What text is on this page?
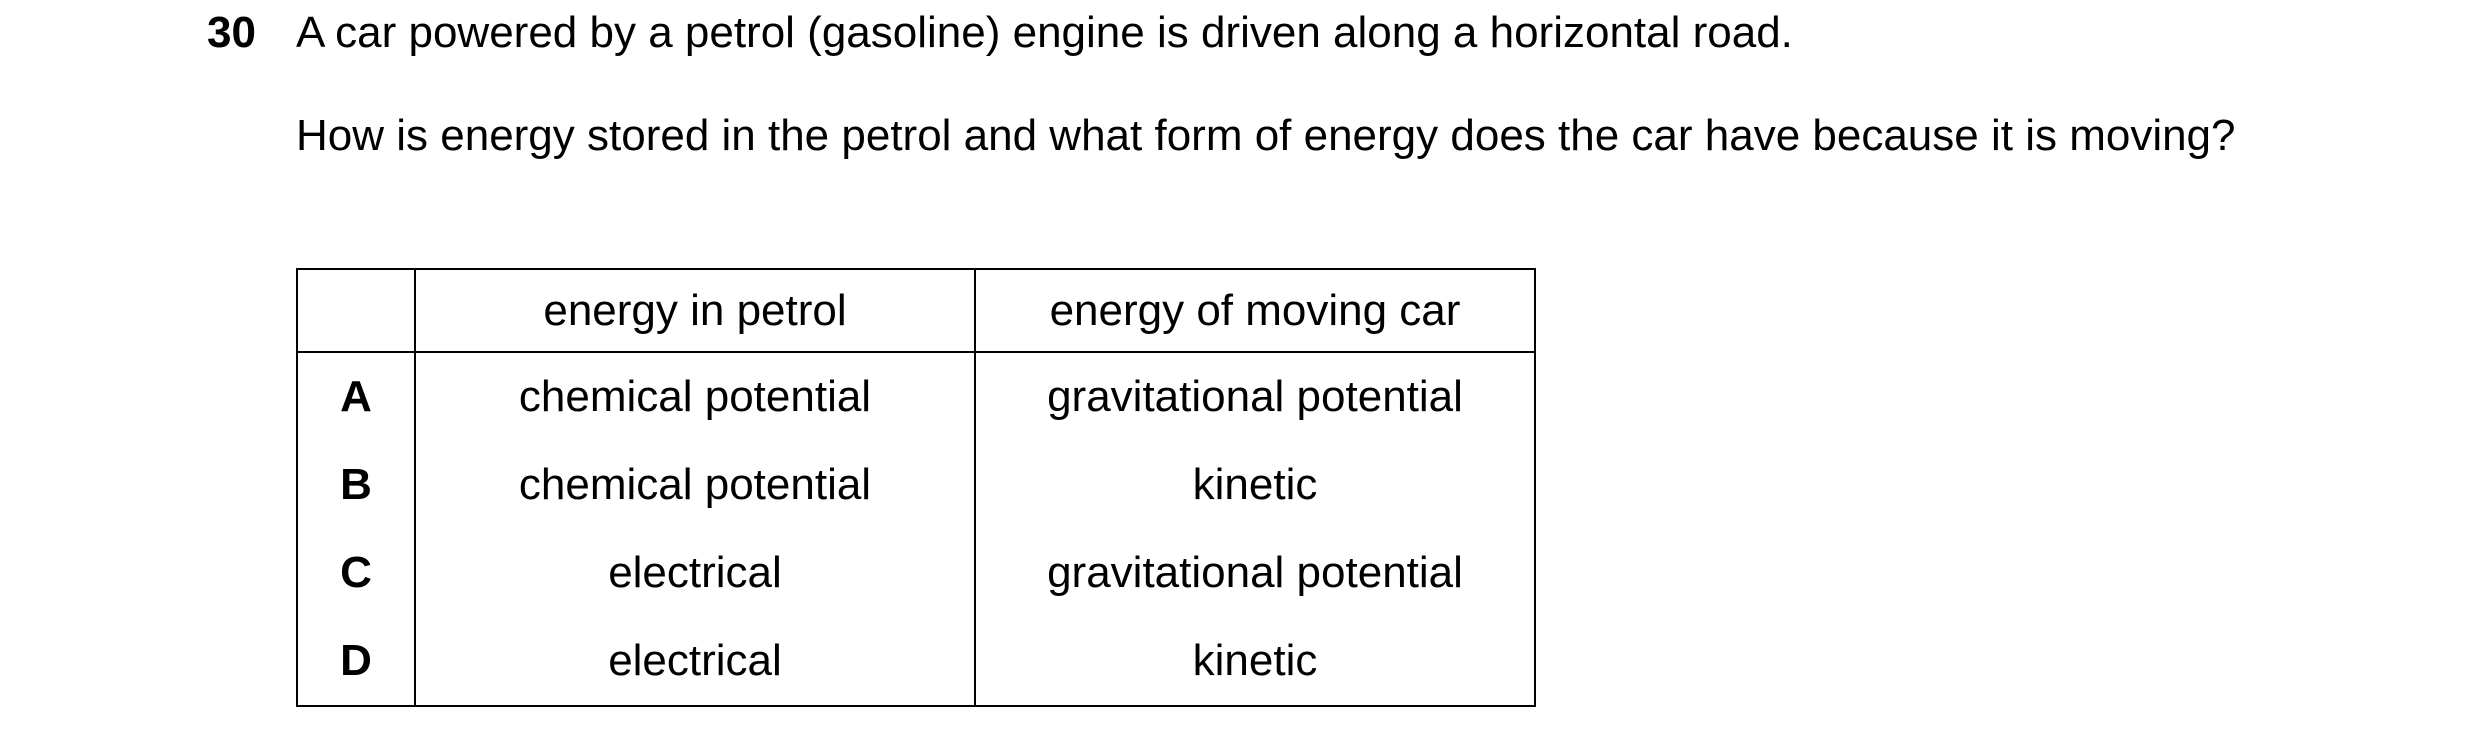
30 A car powered by a petrol (gasoline) engine is driven along a horizontal road.
How is energy stored in the petrol and what form of energy does the car have because it is moving?
	energy in petrol	energy of moving car
A	chemical potential	gravitational potential
B	chemical potential	kinetic
C	electrical	gravitational potential
D	electrical	kinetic
